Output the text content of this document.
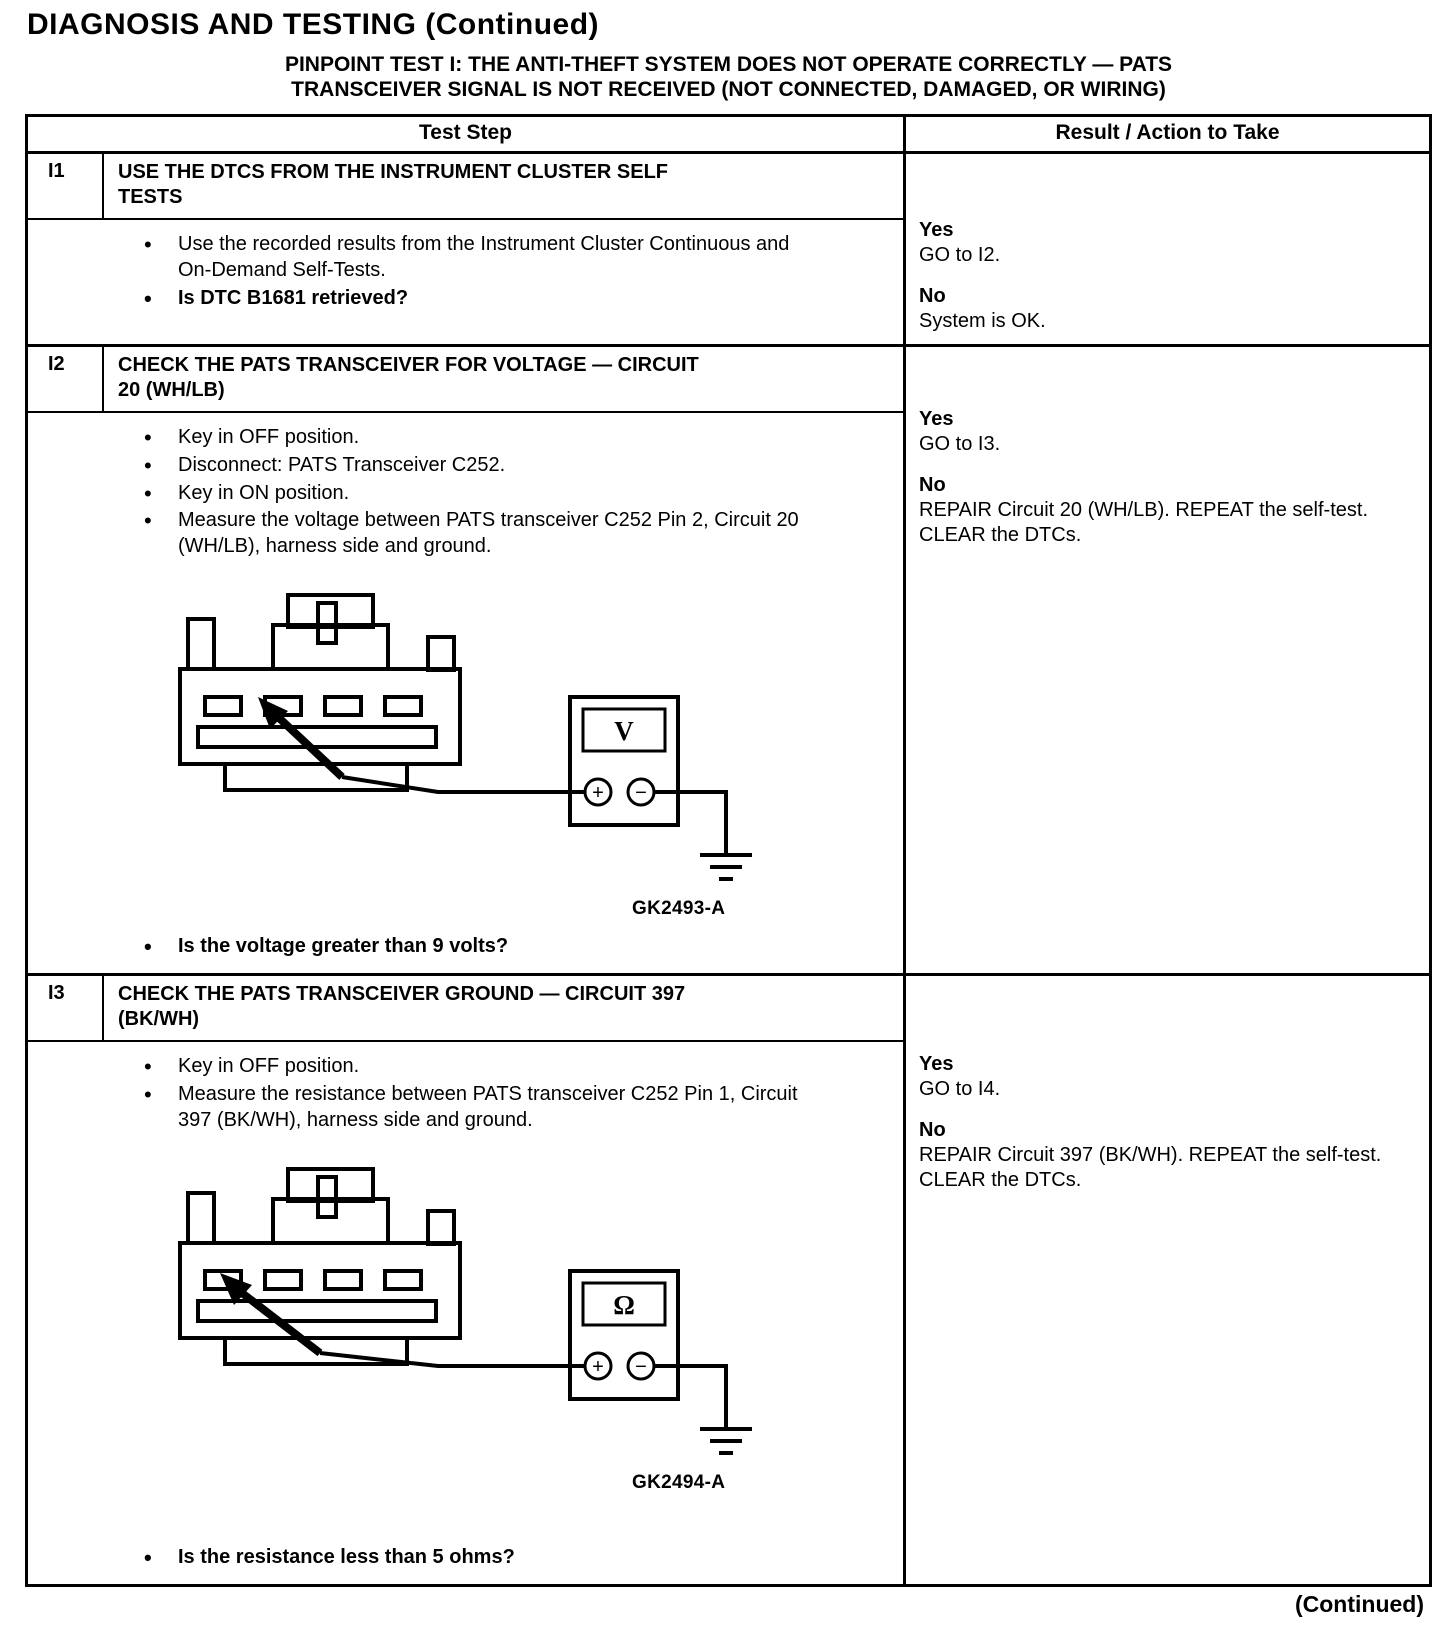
DIAGNOSIS AND TESTING (Continued)
PINPOINT TEST I: THE ANTI-THEFT SYSTEM DOES NOT OPERATE CORRECTLY — PATS
TRANSCEIVER SIGNAL IS NOT RECEIVED (NOT CONNECTED, DAMAGED, OR WIRING)
Test Step	Result / Action to Take
I1	USE THE DTCS FROM THE INSTRUMENT CLUSTER SELF TESTS
• Use the recorded results from the Instrument Cluster Continuous and On-Demand Self-Tests.
• Is DTC B1681 retrieved?
Yes
GO to I2.
No
System is OK.
I2	CHECK THE PATS TRANSCEIVER FOR VOLTAGE — CIRCUIT 20 (WH/LB)
• Key in OFF position.
• Disconnect: PATS Transceiver C252.
• Key in ON position.
• Measure the voltage between PATS transceiver C252 Pin 2, Circuit 20 (WH/LB), harness side and ground.
V
+ −
GK2493-A
• Is the voltage greater than 9 volts?
Yes
GO to I3.
No
REPAIR Circuit 20 (WH/LB). REPEAT the self-test. CLEAR the DTCs.
I3	CHECK THE PATS TRANSCEIVER GROUND — CIRCUIT 397 (BK/WH)
• Key in OFF position.
• Measure the resistance between PATS transceiver C252 Pin 1, Circuit 397 (BK/WH), harness side and ground.
Ω
+ −
GK2494-A
• Is the resistance less than 5 ohms?
Yes
GO to I4.
No
REPAIR Circuit 397 (BK/WH). REPEAT the self-test. CLEAR the DTCs.
(Continued)
